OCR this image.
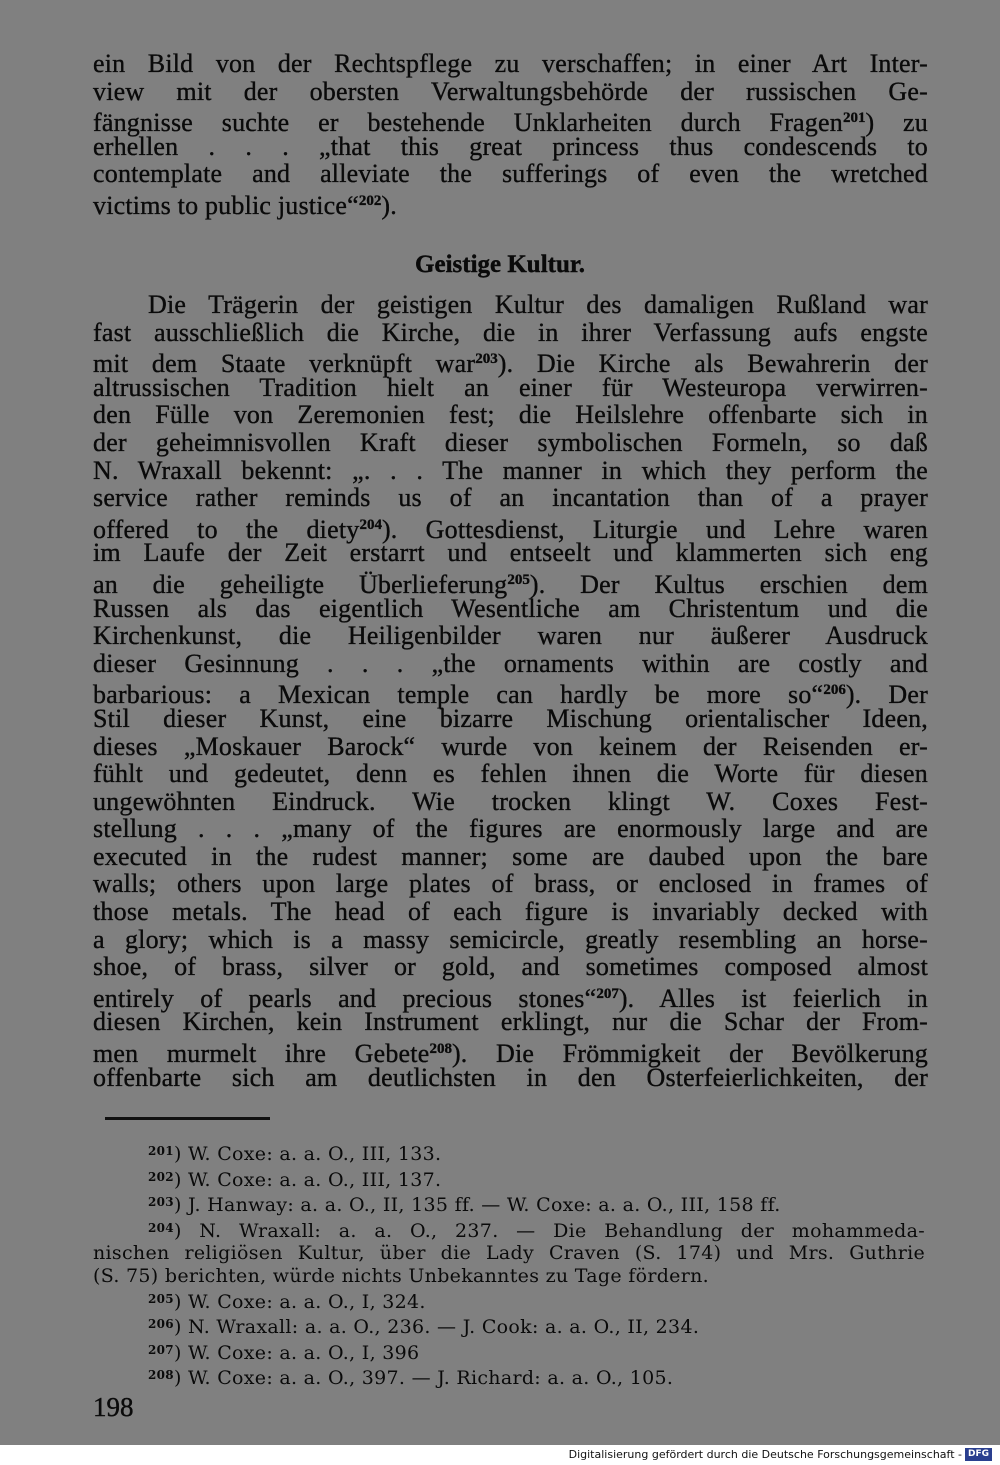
ein Bild von der Rechtspflege zu verschaffen; in einer Art Inter-
view mit der obersten Verwaltungsbehörde der russischen Ge-
fängnisse suchte er bestehende Unklarheiten durch Fragen$^{201}$) zu
erhellen . . . „that this great princess thus condescends to
contemplate and alleviate the sufferings of even the wretched
victims to public justice“$^{202}$).
Geistige Kultur.
Die Trägerin der geistigen Kultur des damaligen Rußland war
fast ausschließlich die Kirche, die in ihrer Verfassung aufs engste
mit dem Staate verknüpft war$^{203}$). Die Kirche als Bewahrerin der
altrussischen Tradition hielt an einer für Westeuropa verwirren-
den Fülle von Zeremonien fest; die Heilslehre offenbarte sich in
der geheimnisvollen Kraft dieser symbolischen Formeln, so daß
N. Wraxall bekennt: „. . . The manner in which they perform the
service rather reminds us of an incantation than of a prayer
offered to the diety$^{204}$). Gottesdienst, Liturgie und Lehre waren
im Laufe der Zeit erstarrt und entseelt und klammerten sich eng
an die geheiligte Überlieferung$^{205}$). Der Kultus erschien dem
Russen als das eigentlich Wesentliche am Christentum und die
Kirchenkunst, die Heiligenbilder waren nur äußerer Ausdruck
dieser Gesinnung . . . „the ornaments within are costly and
barbarious: a Mexican temple can hardly be more so“$^{206}$). Der
Stil dieser Kunst, eine bizarre Mischung orientalischer Ideen,
dieses „Moskauer Barock“ wurde von keinem der Reisenden er-
fühlt und gedeutet, denn es fehlen ihnen die Worte für diesen
ungewöhnten Eindruck. Wie trocken klingt W. Coxes Fest-
stellung . . . „many of the figures are enormously large and are
executed in the rudest manner; some are daubed upon the bare
walls; others upon large plates of brass, or enclosed in frames of
those metals. The head of each figure is invariably decked with
a glory; which is a massy semicircle, greatly resembling an horse-
shoe, of brass, silver or gold, and sometimes composed almost
entirely of pearls and precious stones“$^{207}$). Alles ist feierlich in
diesen Kirchen, kein Instrument erklingt, nur die Schar der From-
men murmelt ihre Gebete$^{208}$). Die Frömmigkeit der Bevölkerung
offenbarte sich am deutlichsten in den Osterfeierlichkeiten, der
$^{201}$) W. Coxe: a. a. O., III, 133.
$^{202}$) W. Coxe: a. a. O., III, 137.
$^{203}$) J. Hanway: a. a. O., II, 135 ff. — W. Coxe: a. a. O., III, 158 ff.
$^{204}$) N. Wraxall: a. a. O., 237. — Die Behandlung der mohammeda-
nischen religiösen Kultur, über die Lady Craven (S. 174) und Mrs. Guthrie
(S. 75) berichten, würde nichts Unbekanntes zu Tage fördern.
$^{205}$) W. Coxe: a. a. O., I, 324.
$^{206}$) N. Wraxall: a. a. O., 236. — J. Cook: a. a. O., II, 234.
$^{207}$) W. Coxe: a. a. O., I, 396
$^{208}$) W. Coxe: a. a. O., 397. — J. Richard: a. a. O., 105.
198
Digitalisierung gefördert durch die Deutsche Forschungsgemeinschaft - DFG
